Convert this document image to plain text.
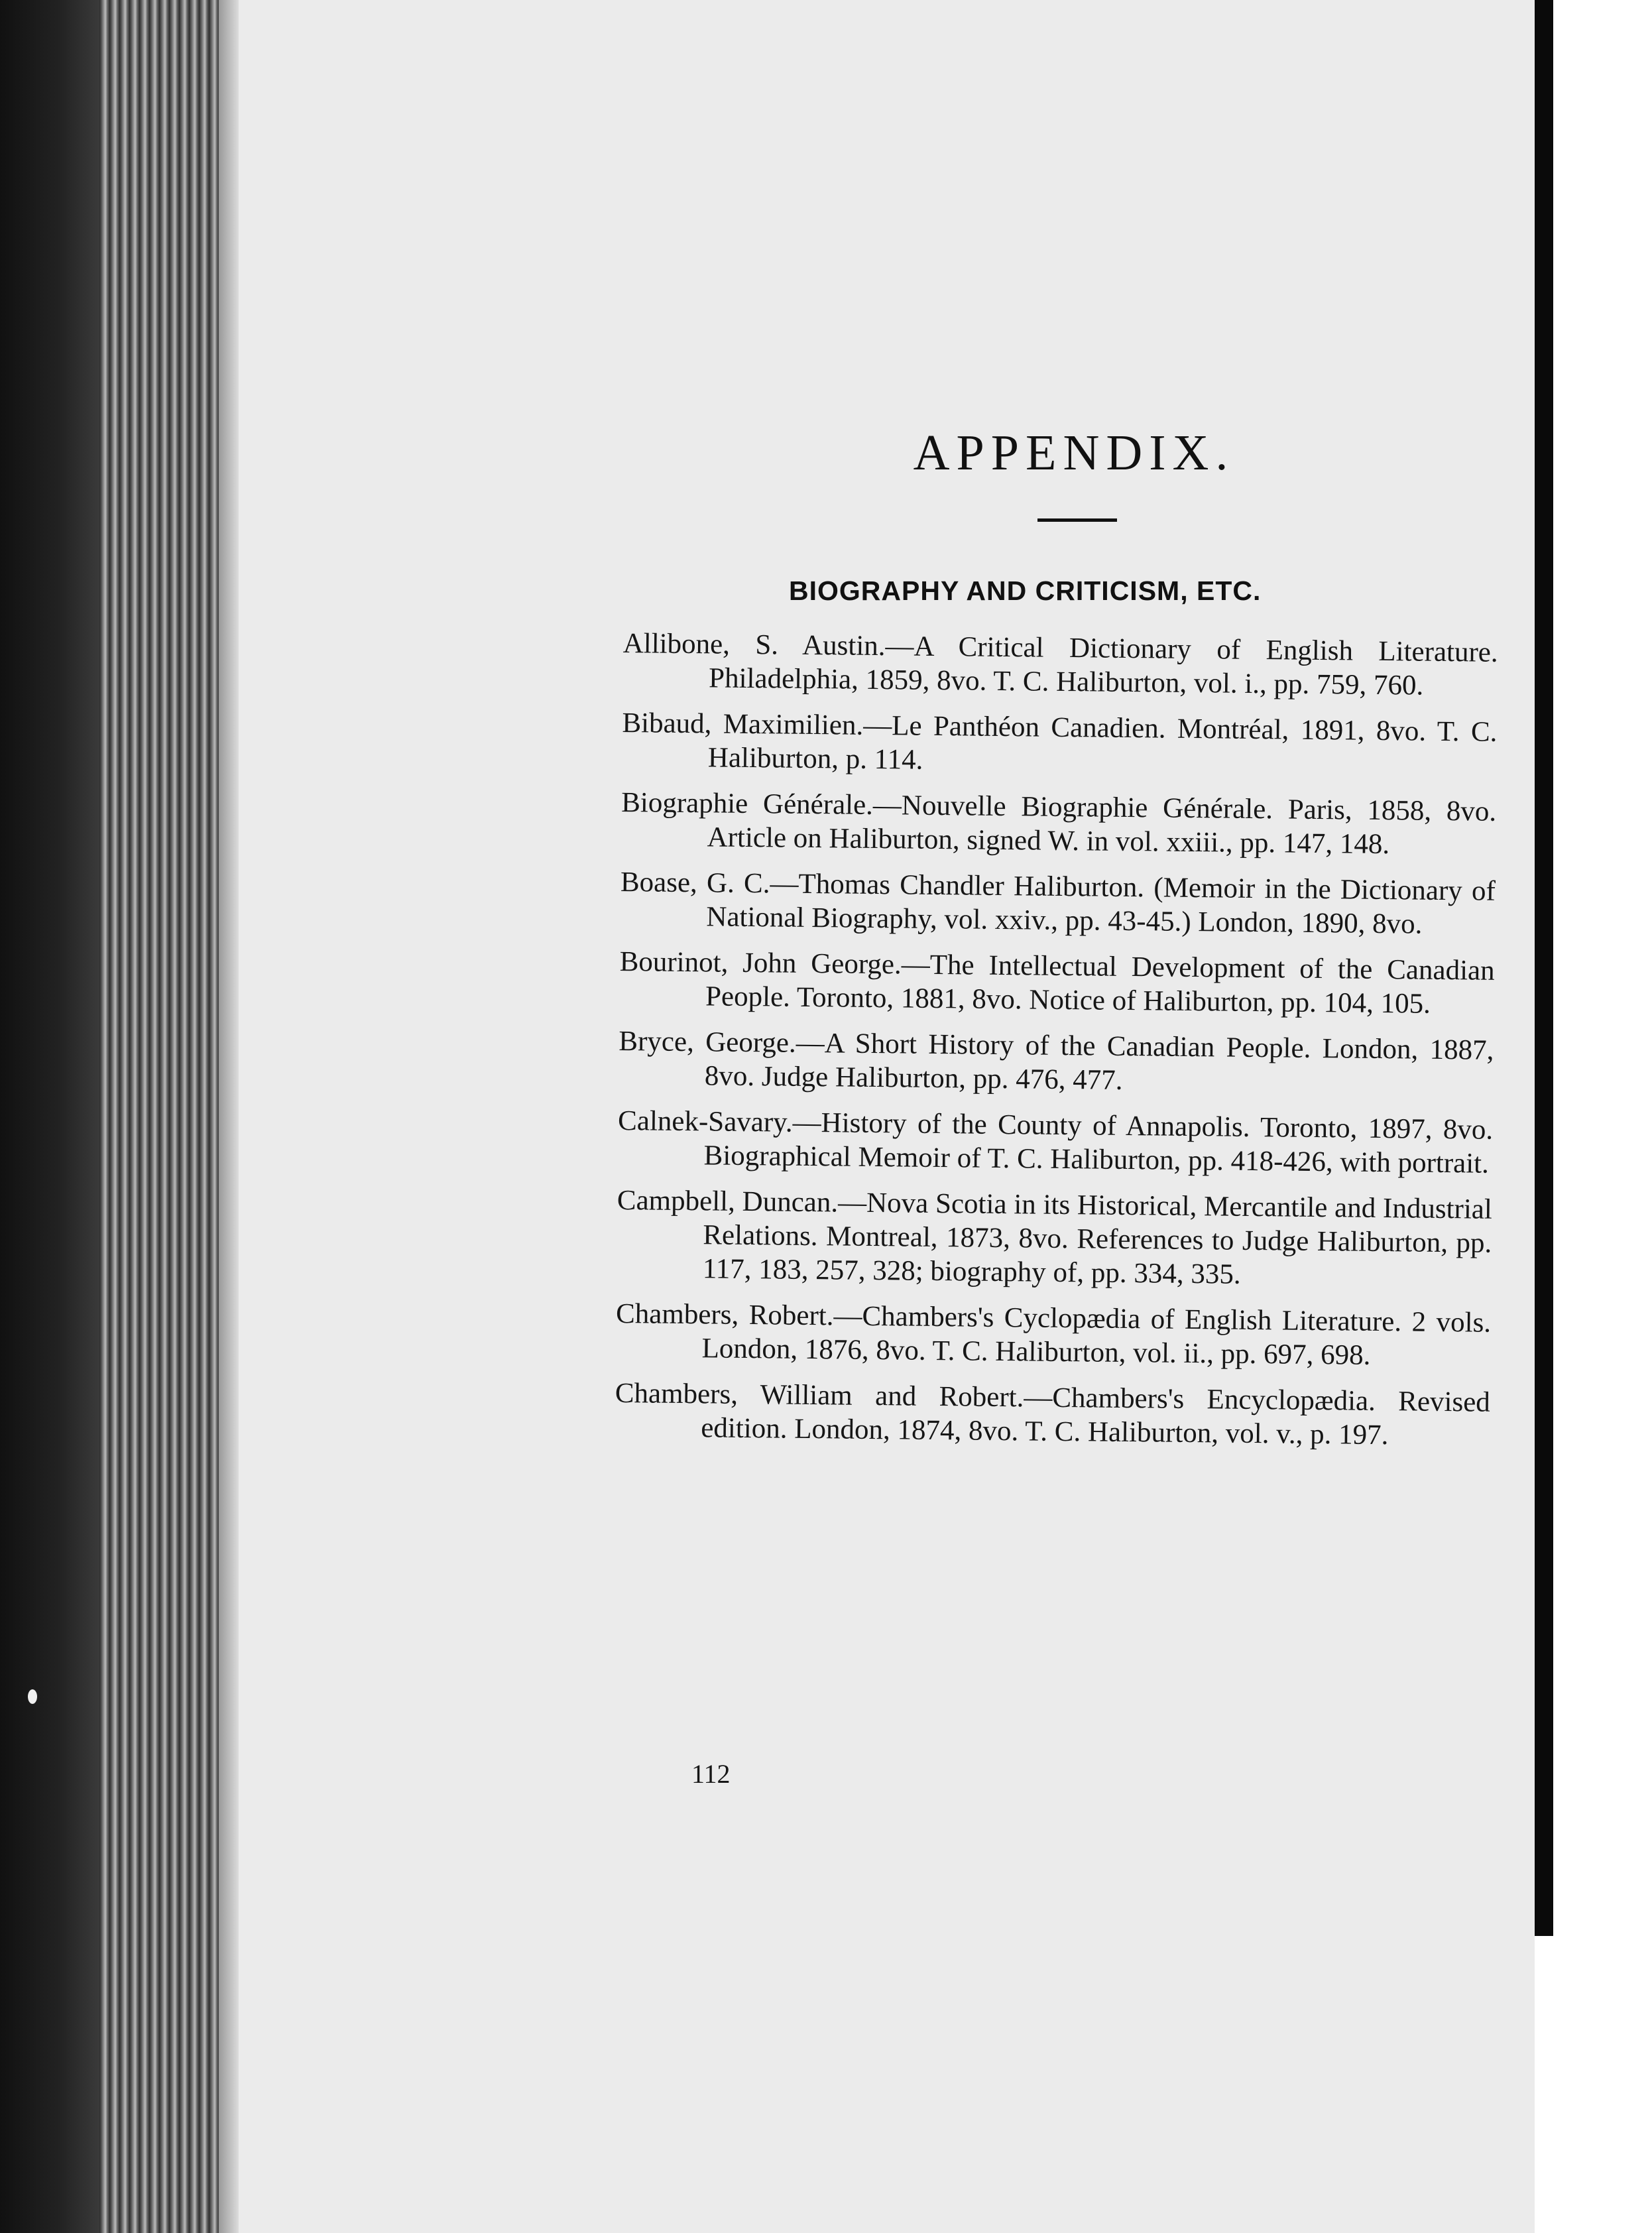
APPENDIX.
BIOGRAPHY AND CRITICISM, ETC.

Allibone, S. Austin.—A Critical Dictionary of English Literature. Philadelphia, 1859, 8vo. T. C. Haliburton, vol. i., pp. 759, 760.

Bibaud, Maximilien.—Le Panthéon Canadien. Montréal, 1891, 8vo. T. C. Haliburton, p. 114.

Biographie Générale.—Nouvelle Biographie Générale. Paris, 1858, 8vo. Article on Haliburton, signed W. in vol. xxiii., pp. 147, 148.

Boase, G. C.—Thomas Chandler Haliburton. (Memoir in the Dictionary of National Biography, vol. xxiv., pp. 43-45.) London, 1890, 8vo.

Bourinot, John George.—The Intellectual Development of the Canadian People. Toronto, 1881, 8vo. Notice of Haliburton, pp. 104, 105.

Bryce, George.—A Short History of the Canadian People. London, 1887, 8vo. Judge Haliburton, pp. 476, 477.

Calnek-Savary.—History of the County of Annapolis. Toronto, 1897, 8vo. Biographical Memoir of T. C. Haliburton, pp. 418-426, with portrait.

Campbell, Duncan.—Nova Scotia in its Historical, Mercantile and Industrial Relations. Montreal, 1873, 8vo. References to Judge Haliburton, pp. 117, 183, 257, 328; biography of, pp. 334, 335.

Chambers, Robert.—Chambers's Cyclopædia of English Literature. 2 vols. London, 1876, 8vo. T. C. Haliburton, vol. ii., pp. 697, 698.

Chambers, William and Robert.—Chambers's Encyclopædia. Revised edition. London, 1874, 8vo. T. C. Haliburton, vol. v., p. 197.

112
